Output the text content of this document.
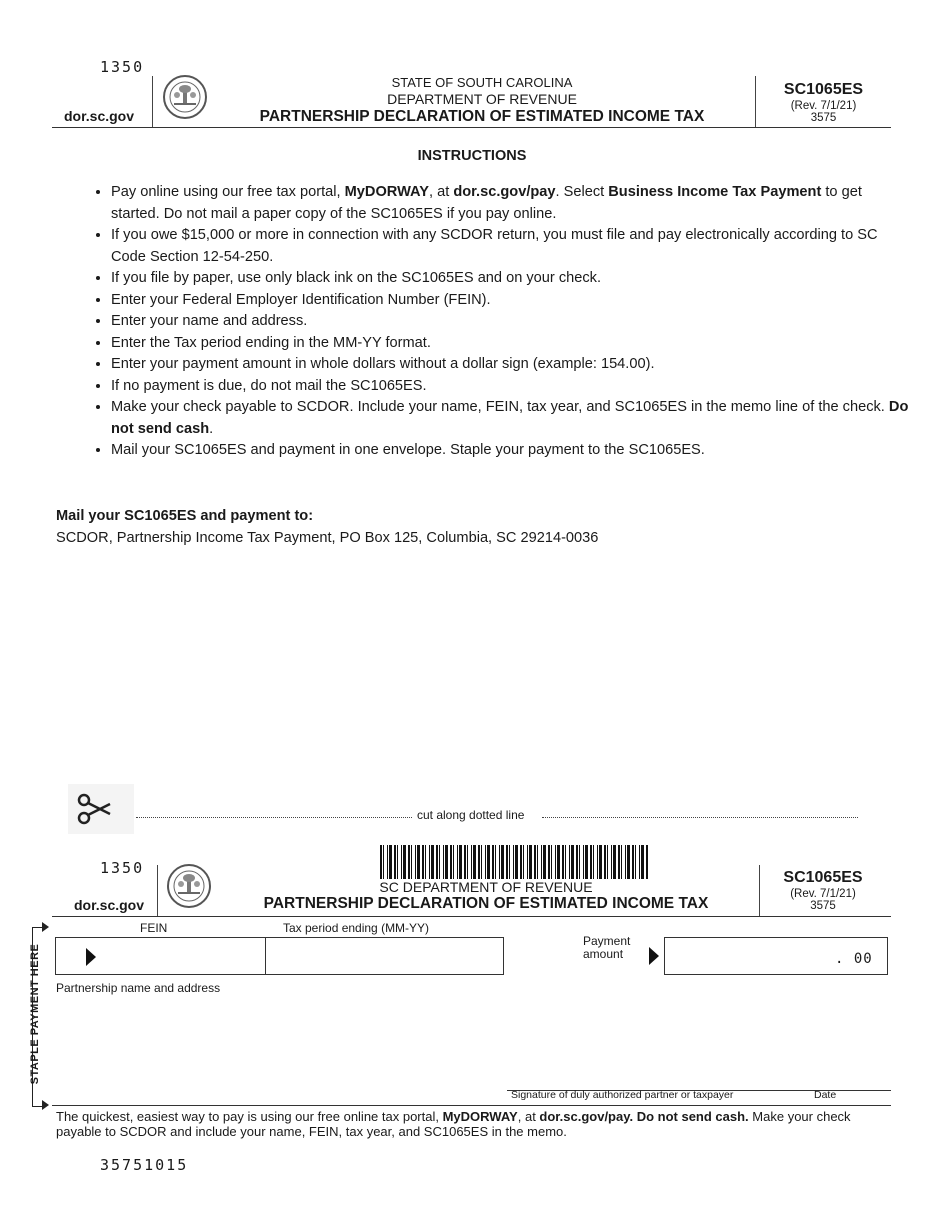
1350
dor.sc.gov
STATE OF SOUTH CAROLINA
DEPARTMENT OF REVENUE
PARTNERSHIP DECLARATION OF ESTIMATED INCOME TAX
SC1065ES
(Rev. 7/1/21)
3575
INSTRUCTIONS
• Pay online using our free tax portal, MyDORWAY, at dor.sc.gov/pay. Select Business Income Tax Payment to get started. Do not mail a paper copy of the SC1065ES if you pay online.
• If you owe $15,000 or more in connection with any SCDOR return, you must file and pay electronically according to SC Code Section 12-54-250.
• If you file by paper, use only black ink on the SC1065ES and on your check.
• Enter your Federal Employer Identification Number (FEIN).
• Enter your name and address.
• Enter the Tax period ending in the MM-YY format.
• Enter your payment amount in whole dollars without a dollar sign (example: 154.00).
• If no payment is due, do not mail the SC1065ES.
• Make your check payable to SCDOR. Include your name, FEIN, tax year, and SC1065ES in the memo line of the check. Do not send cash.
• Mail your SC1065ES and payment in one envelope. Staple your payment to the SC1065ES.
Mail your SC1065ES and payment to:
SCDOR, Partnership Income Tax Payment, PO Box 125, Columbia, SC 29214-0036
cut along dotted line
1350
dor.sc.gov
SC DEPARTMENT OF REVENUE
PARTNERSHIP DECLARATION OF ESTIMATED INCOME TAX
SC1065ES
(Rev. 7/1/21)
3575
FEIN	Tax period ending (MM-YY)
Payment
amount	. 00
Partnership name and address
STAPLE PAYMENT HERE
Signature of duly authorized partner or taxpayer	Date
The quickest, easiest way to pay is using our free online tax portal, MyDORWAY, at dor.sc.gov/pay. Do not send cash. Make your check payable to SCDOR and include your name, FEIN, tax year, and SC1065ES in the memo.
35751015
